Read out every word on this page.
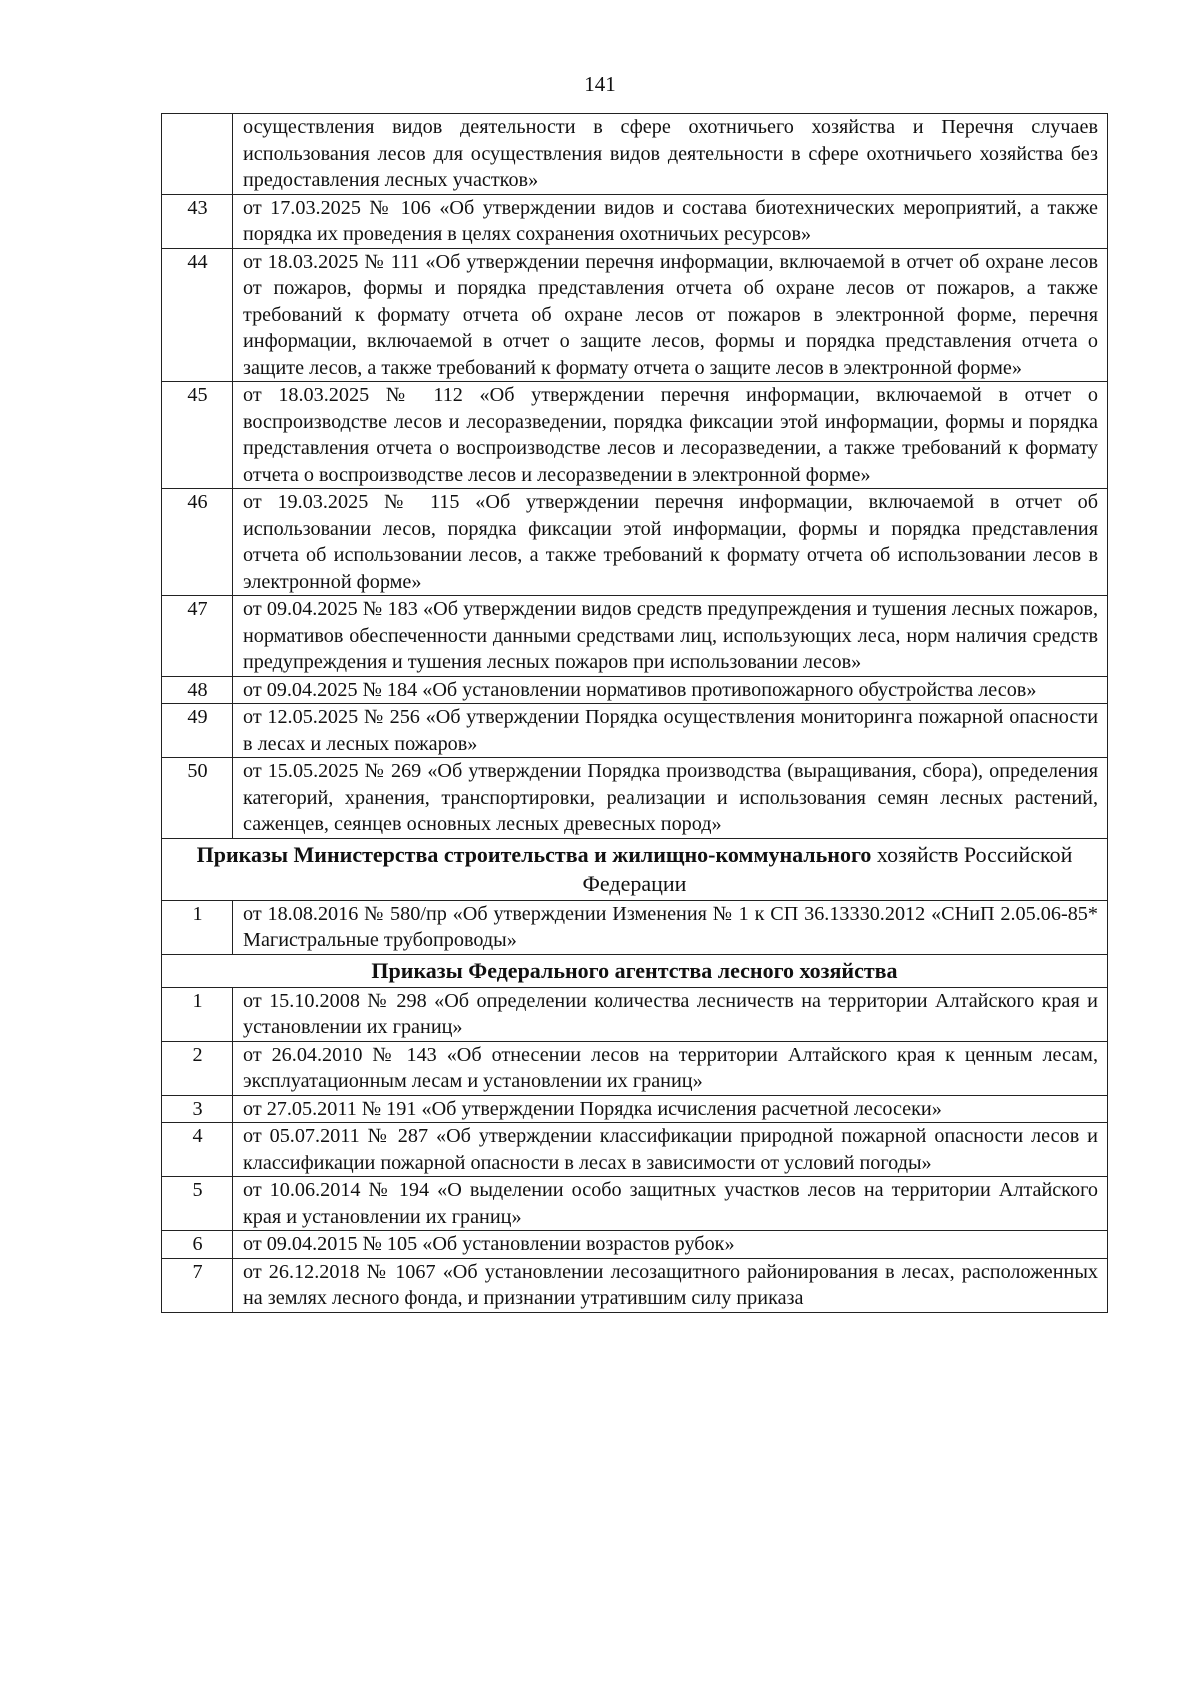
141
	осуществления видов деятельности в сфере охотничьего хозяйства и Перечня случаев использования лесов для осуществления видов деятельности в сфере охотничьего хозяйства без предоставления лесных участков»
43	от 17.03.2025 № 106 «Об утверждении видов и состава биотехнических мероприятий, а также порядка их проведения в целях сохранения охотничьих ресурсов»
44	от 18.03.2025 № 111 «Об утверждении перечня информации, включаемой в отчет об охране лесов от пожаров, формы и порядка представления отчета об охране лесов от пожаров, а также требований к формату отчета об охране лесов от пожаров в электронной форме, перечня информации, включаемой в отчет о защите лесов, формы и порядка представления отчета о защите лесов, а также требований к формату отчета о защите лесов в электронной форме»
45	от 18.03.2025 № 112 «Об утверждении перечня информации, включаемой в отчет о воспроизводстве лесов и лесоразведении, порядка фиксации этой информации, формы и порядка представления отчета о воспроизводстве лесов и лесоразведении, а также требований к формату отчета о воспроизводстве лесов и лесоразведении в электронной форме»
46	от 19.03.2025 № 115 «Об утверждении перечня информации, включаемой в отчет об использовании лесов, порядка фиксации этой информации, формы и порядка представления отчета об использовании лесов, а также требований к формату отчета об использовании лесов в электронной форме»
47	от 09.04.2025 № 183 «Об утверждении видов средств предупреждения и тушения лесных пожаров, нормативов обеспеченности данными средствами лиц, использующих леса, норм наличия средств предупреждения и тушения лесных пожаров при использовании лесов»
48	от 09.04.2025 № 184 «Об установлении нормативов противопожарного обустройства лесов»
49	от 12.05.2025 № 256 «Об утверждении Порядка осуществления мониторинга пожарной опасности в лесах и лесных пожаров»
50	от 15.05.2025 № 269 «Об утверждении Порядка производства (выращивания, сбора), определения категорий, хранения, транспортировки, реализации и использования семян лесных растений, саженцев, сеянцев основных лесных древесных пород»
Приказы Министерства строительства и жилищно-коммунального хозяйств Российской Федерации	
1	от 18.08.2016 № 580/пр «Об утверждении Изменения № 1 к СП 36.13330.2012 «СНиП 2.05.06-85* Магистральные трубопроводы»
Приказы Федерального агентства лесного хозяйства	
1	от 15.10.2008 № 298 «Об определении количества лесничеств на территории Алтайского края и установлении их границ»
2	от 26.04.2010 № 143 «Об отнесении лесов на территории Алтайского края к ценным лесам, эксплуатационным лесам и установлении их границ»
3	от 27.05.2011 № 191 «Об утверждении Порядка исчисления расчетной лесосеки»
4	от 05.07.2011 № 287 «Об утверждении классификации природной пожарной опасности лесов и классификации пожарной опасности в лесах в зависимости от условий погоды»
5	от 10.06.2014 № 194 «О выделении особо защитных участков лесов на территории Алтайского края и установлении их границ»
6	от 09.04.2015 № 105 «Об установлении возрастов рубок»
7	от 26.12.2018 № 1067 «Об установлении лесозащитного районирования в лесах, расположенных на землях лесного фонда, и признании утратившим силу приказа
